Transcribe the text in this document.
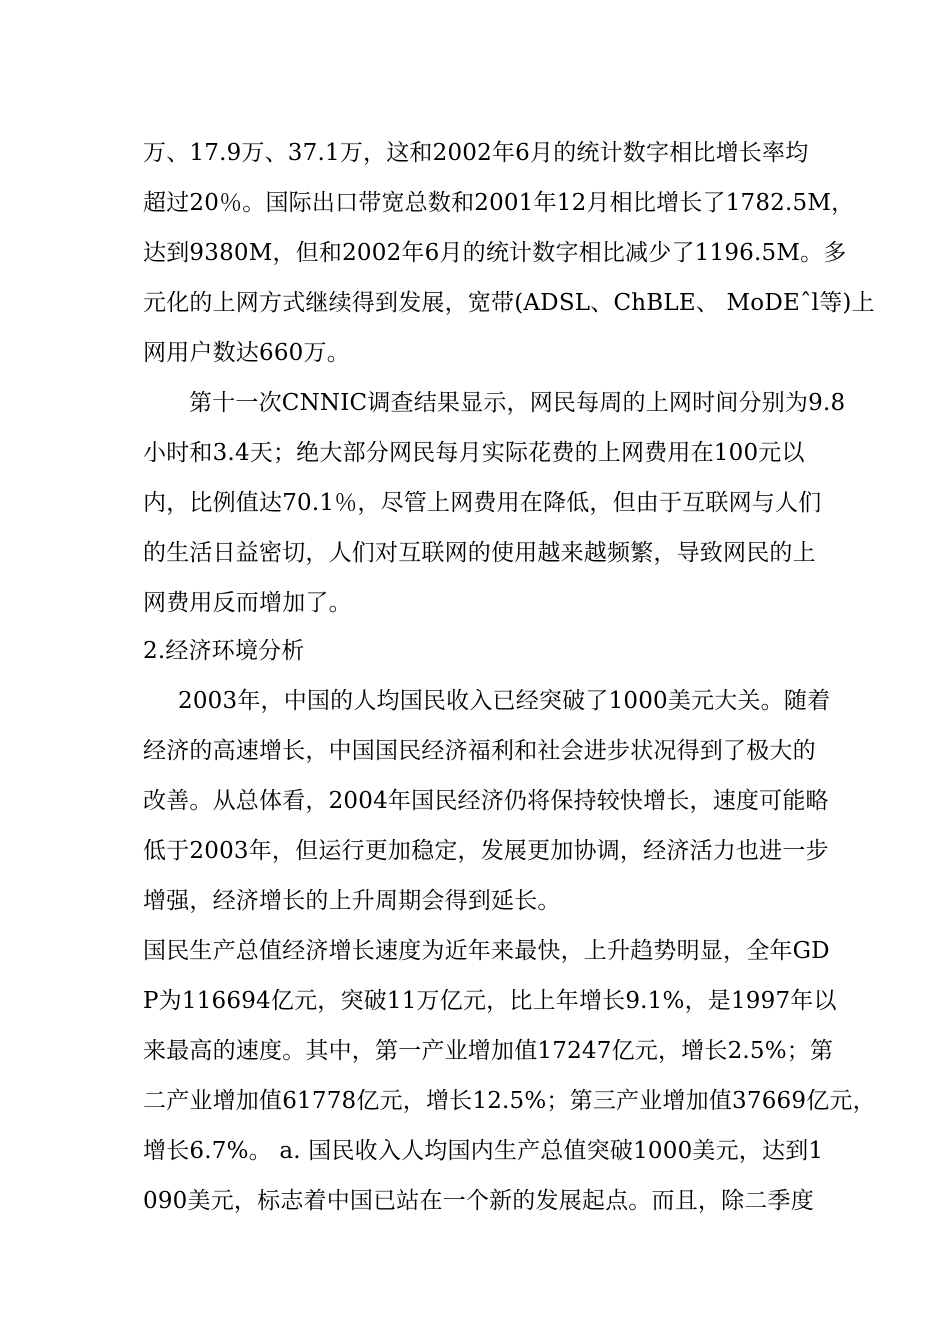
万、17.9万、37.1万，这和2002年6月的统计数字相比增长率均
超过20％。国际出口带宽总数和2001年12月相比增长了1782.5M，
达到9380M，但和2002年6月的统计数字相比减少了1196.5M。多
元化的上网方式继续得到发展，宽带(ADSL、ChBLE、 MoDEˆl等)上
网用户数达660万。
第十一次CNNIC调查结果显示，网民每周的上网时间分别为9.8
小时和3.4天；绝大部分网民每月实际花费的上网费用在100元以
内，比例值达70.1％，尽管上网费用在降低，但由于互联网与人们
的生活日益密切，人们对互联网的使用越来越频繁，导致网民的上
网费用反而增加了。
2.经济环境分析
2003年，中国的人均国民收入已经突破了1000美元大关。随着
经济的高速增长，中国国民经济福利和社会进步状况得到了极大的
改善。从总体看，2004年国民经济仍将保持较快增长，速度可能略
低于2003年，但运行更加稳定，发展更加协调，经济活力也进一步
增强，经济增长的上升周期会得到延长。
国民生产总值经济增长速度为近年来最快，上升趋势明显，全年GD
P为116694亿元，突破11万亿元，比上年增长9.1%，是1997年以
来最高的速度。其中，第一产业增加值17247亿元，增长2.5%；第
二产业增加值61778亿元，增长12.5%；第三产业增加值37669亿元，
增长6.7%。 a. 国民收入人均国内生产总值突破1000美元，达到1
090美元，标志着中国已站在一个新的发展起点。而且，除二季度
